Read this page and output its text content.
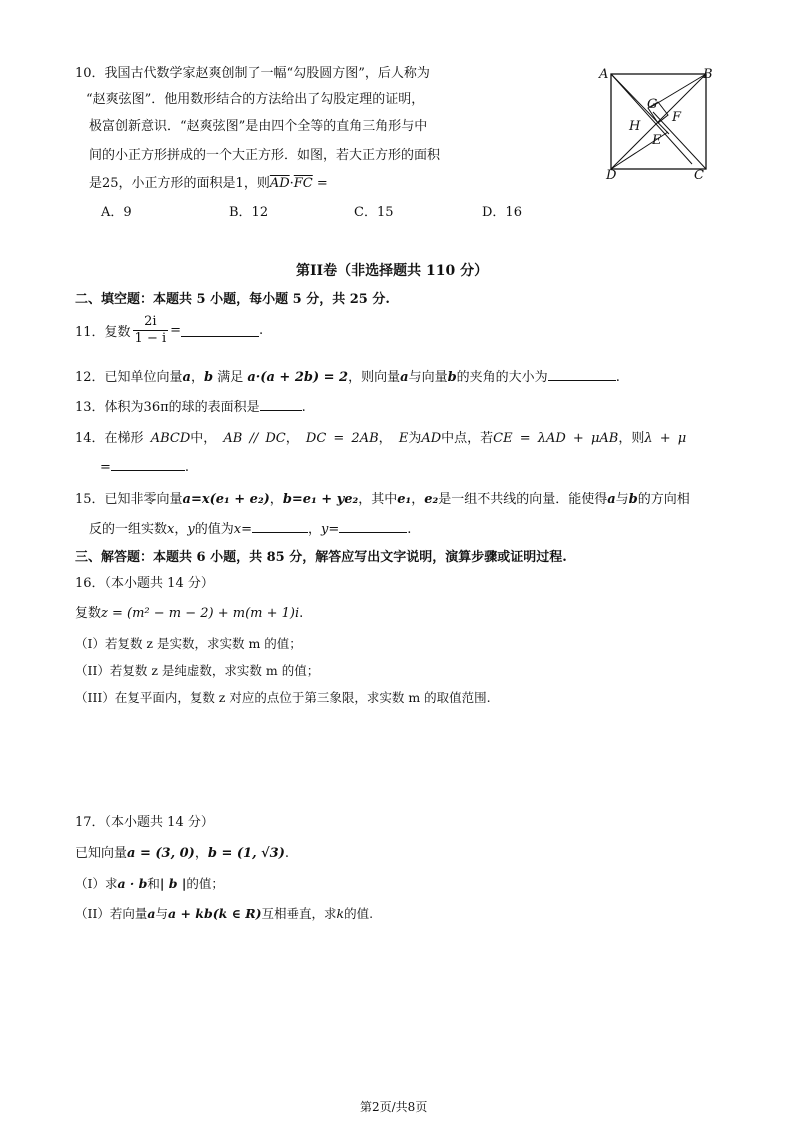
10．我国古代数学家赵爽创制了一幅“勾股圆方图”，后人称为
“赵爽弦图”．他用数形结合的方法给出了勾股定理的证明，
极富创新意识．“赵爽弦图”是由四个全等的直角三角形与中
间的小正方形拼成的一个大正方形．如图，若大正方形的面积
是25，小正方形的面积是1，则$\overline{AD}\cdot\overline{FC}$ =
A．9	B．12	C．15	D．16
A	B
C
D
E
F
G
H
第II卷（非选择题共 110 分）
二、填空题：本题共 5 小题，每小题 5 分，共 25 分.
11．复数 $\frac{2i}{1 - i}$ =	.
12．已知单位向量a，b 满足 a·(a + 2b) = 2，则向量a与向量b的夹角的大小为	.
13．体积为36π的球的表面积是	.
14．在梯形 ABCD中， AB // DC， DC = 2AB， E为AD中点，若CE = λAD + μAB，则λ + μ
=	.
15．已知非零向量a=x(e₁ + e₂)，b=e₁ + ye₂，其中e₁，e₂是一组不共线的向量．能使得a与b的方向相
反的一组实数x，y的值为x=	，y=	.
三、解答题：本题共 6 小题，共 85 分，解答应写出文字说明，演算步骤或证明过程.
16．（本小题共 14 分）
复数z = (m² − m − 2) + m(m + 1)i.
（I）若复数 z 是实数，求实数 m 的值；
（II）若复数 z 是纯虚数，求实数 m 的值；
（III）在复平面内，复数 z 对应的点位于第三象限，求实数 m 的取值范围.
17．（本小题共 14 分）
已知向量a = (3, 0)，b = (1, √3).
（I）求a · b和| b |的值；
（II）若向量a与a + kb(k ∈ R)互相垂直，求k的值.
第2页/共8页
